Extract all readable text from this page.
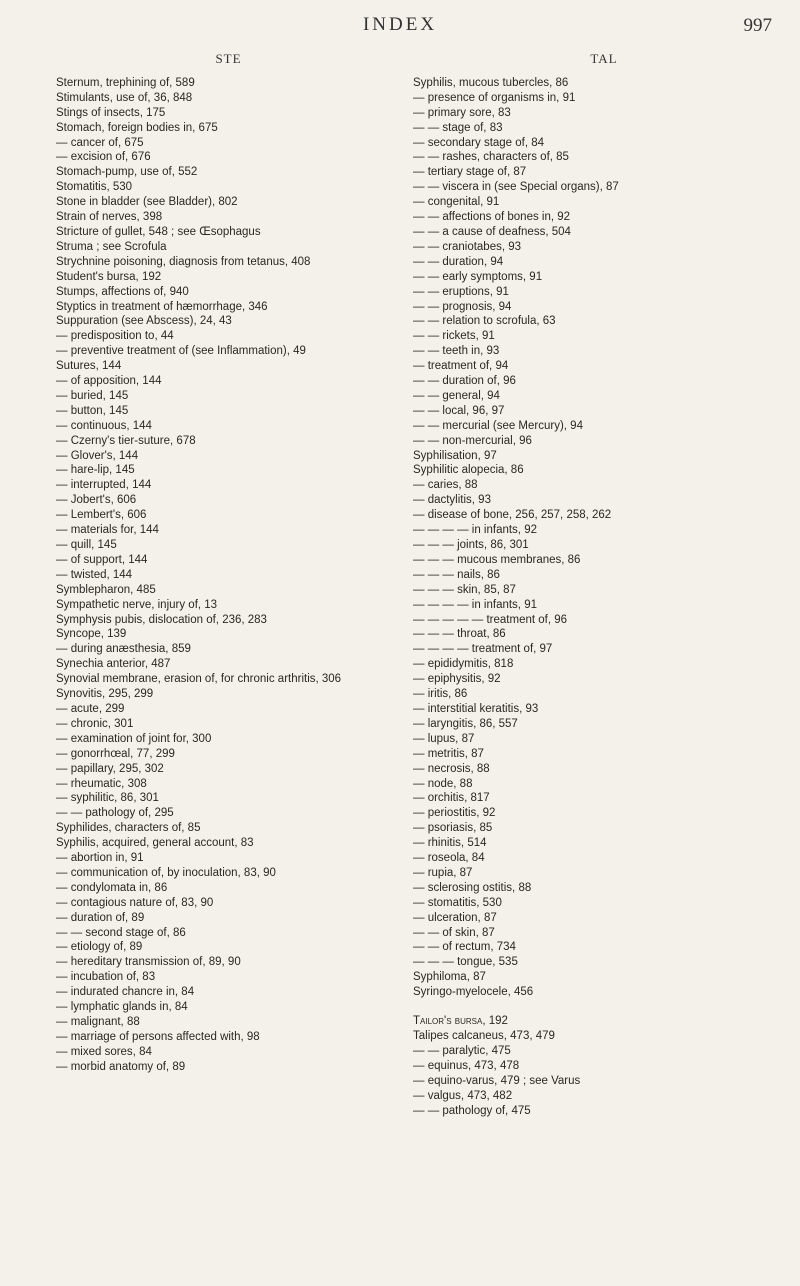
INDEX	997
STE
Sternum, trephining of, 589
Stimulants, use of, 36, 848
Stings of insects, 175
Stomach, foreign bodies in, 675
— cancer of, 675
— excision of, 676
Stomach-pump, use of, 552
Stomatitis, 530
Stone in bladder (see Bladder), 802
Strain of nerves, 398
Stricture of gullet, 548 ; see Œsophagus
Struma ; see Scrofula
Strychnine poisoning, diagnosis from tetanus, 408
Student's bursa, 192
Stumps, affections of, 940
Styptics in treatment of hæmorrhage, 346
Suppuration (see Abscess), 24, 43
— predisposition to, 44
— preventive treatment of (see Inflammation), 49
Sutures, 144
— of apposition, 144
— buried, 145
— button, 145
— continuous, 144
— Czerny's tier-suture, 678
— Glover's, 144
— hare-lip, 145
— interrupted, 144
— Jobert's, 606
— Lembert's, 606
— materials for, 144
— quill, 145
— of support, 144
— twisted, 144
Symblepharon, 485
Sympathetic nerve, injury of, 13
Symphysis pubis, dislocation of, 236, 283
Syncope, 139
— during anæsthesia, 859
Synechia anterior, 487
Synovial membrane, erasion of, for chronic arthritis, 306
Synovitis, 295, 299
— acute, 299
— chronic, 301
— examination of joint for, 300
— gonorrhœal, 77, 299
— papillary, 295, 302
— rheumatic, 308
— syphilitic, 86, 301
— — pathology of, 295
Syphilides, characters of, 85
Syphilis, acquired, general account, 83
— abortion in, 91
— communication of, by inoculation, 83, 90
— condylomata in, 86
— contagious nature of, 83, 90
— duration of, 89
— — second stage of, 86
— etiology of, 89
— hereditary transmission of, 89, 90
— incubation of, 83
— indurated chancre in, 84
— lymphatic glands in, 84
— malignant, 88
— marriage of persons affected with, 98
— mixed sores, 84
— morbid anatomy of, 89
TAL
Syphilis, mucous tubercles, 86
— presence of organisms in, 91
— primary sore, 83
— — stage of, 83
— secondary stage of, 84
— — rashes, characters of, 85
— tertiary stage of, 87
— — viscera in (see Special organs), 87
— congenital, 91
— — affections of bones in, 92
— — a cause of deafness, 504
— — craniotabes, 93
— — duration, 94
— — early symptoms, 91
— — eruptions, 91
— — prognosis, 94
— — relation to scrofula, 63
— — rickets, 91
— — teeth in, 93
— treatment of, 94
— — duration of, 96
— — general, 94
— — local, 96, 97
— — mercurial (see Mercury), 94
— — non-mercurial, 96
Syphilisation, 97
Syphilitic alopecia, 86
— caries, 88
— dactylitis, 93
— disease of bone, 256, 257, 258, 262
— — — — in infants, 92
— — — joints, 86, 301
— — — mucous membranes, 86
— — — nails, 86
— — — skin, 85, 87
— — — — in infants, 91
— — — — — treatment of, 96
— — — throat, 86
— — — — treatment of, 97
— epididymitis, 818
— epiphysitis, 92
— iritis, 86
— interstitial keratitis, 93
— laryngitis, 86, 557
— lupus, 87
— metritis, 87
— necrosis, 88
— node, 88
— orchitis, 817
— periostitis, 92
— psoriasis, 85
— rhinitis, 514
— roseola, 84
— rupia, 87
— sclerosing ostitis, 88
— stomatitis, 530
— ulceration, 87
— — of skin, 87
— — of rectum, 734
— — — tongue, 535
Syphiloma, 87
Syringo-myelocele, 456
Tailor's bursa, 192
Talipes calcaneus, 473, 479
— — paralytic, 475
— equinus, 473, 478
— equino-varus, 479 ; see Varus
— valgus, 473, 482
— — pathology of, 475
